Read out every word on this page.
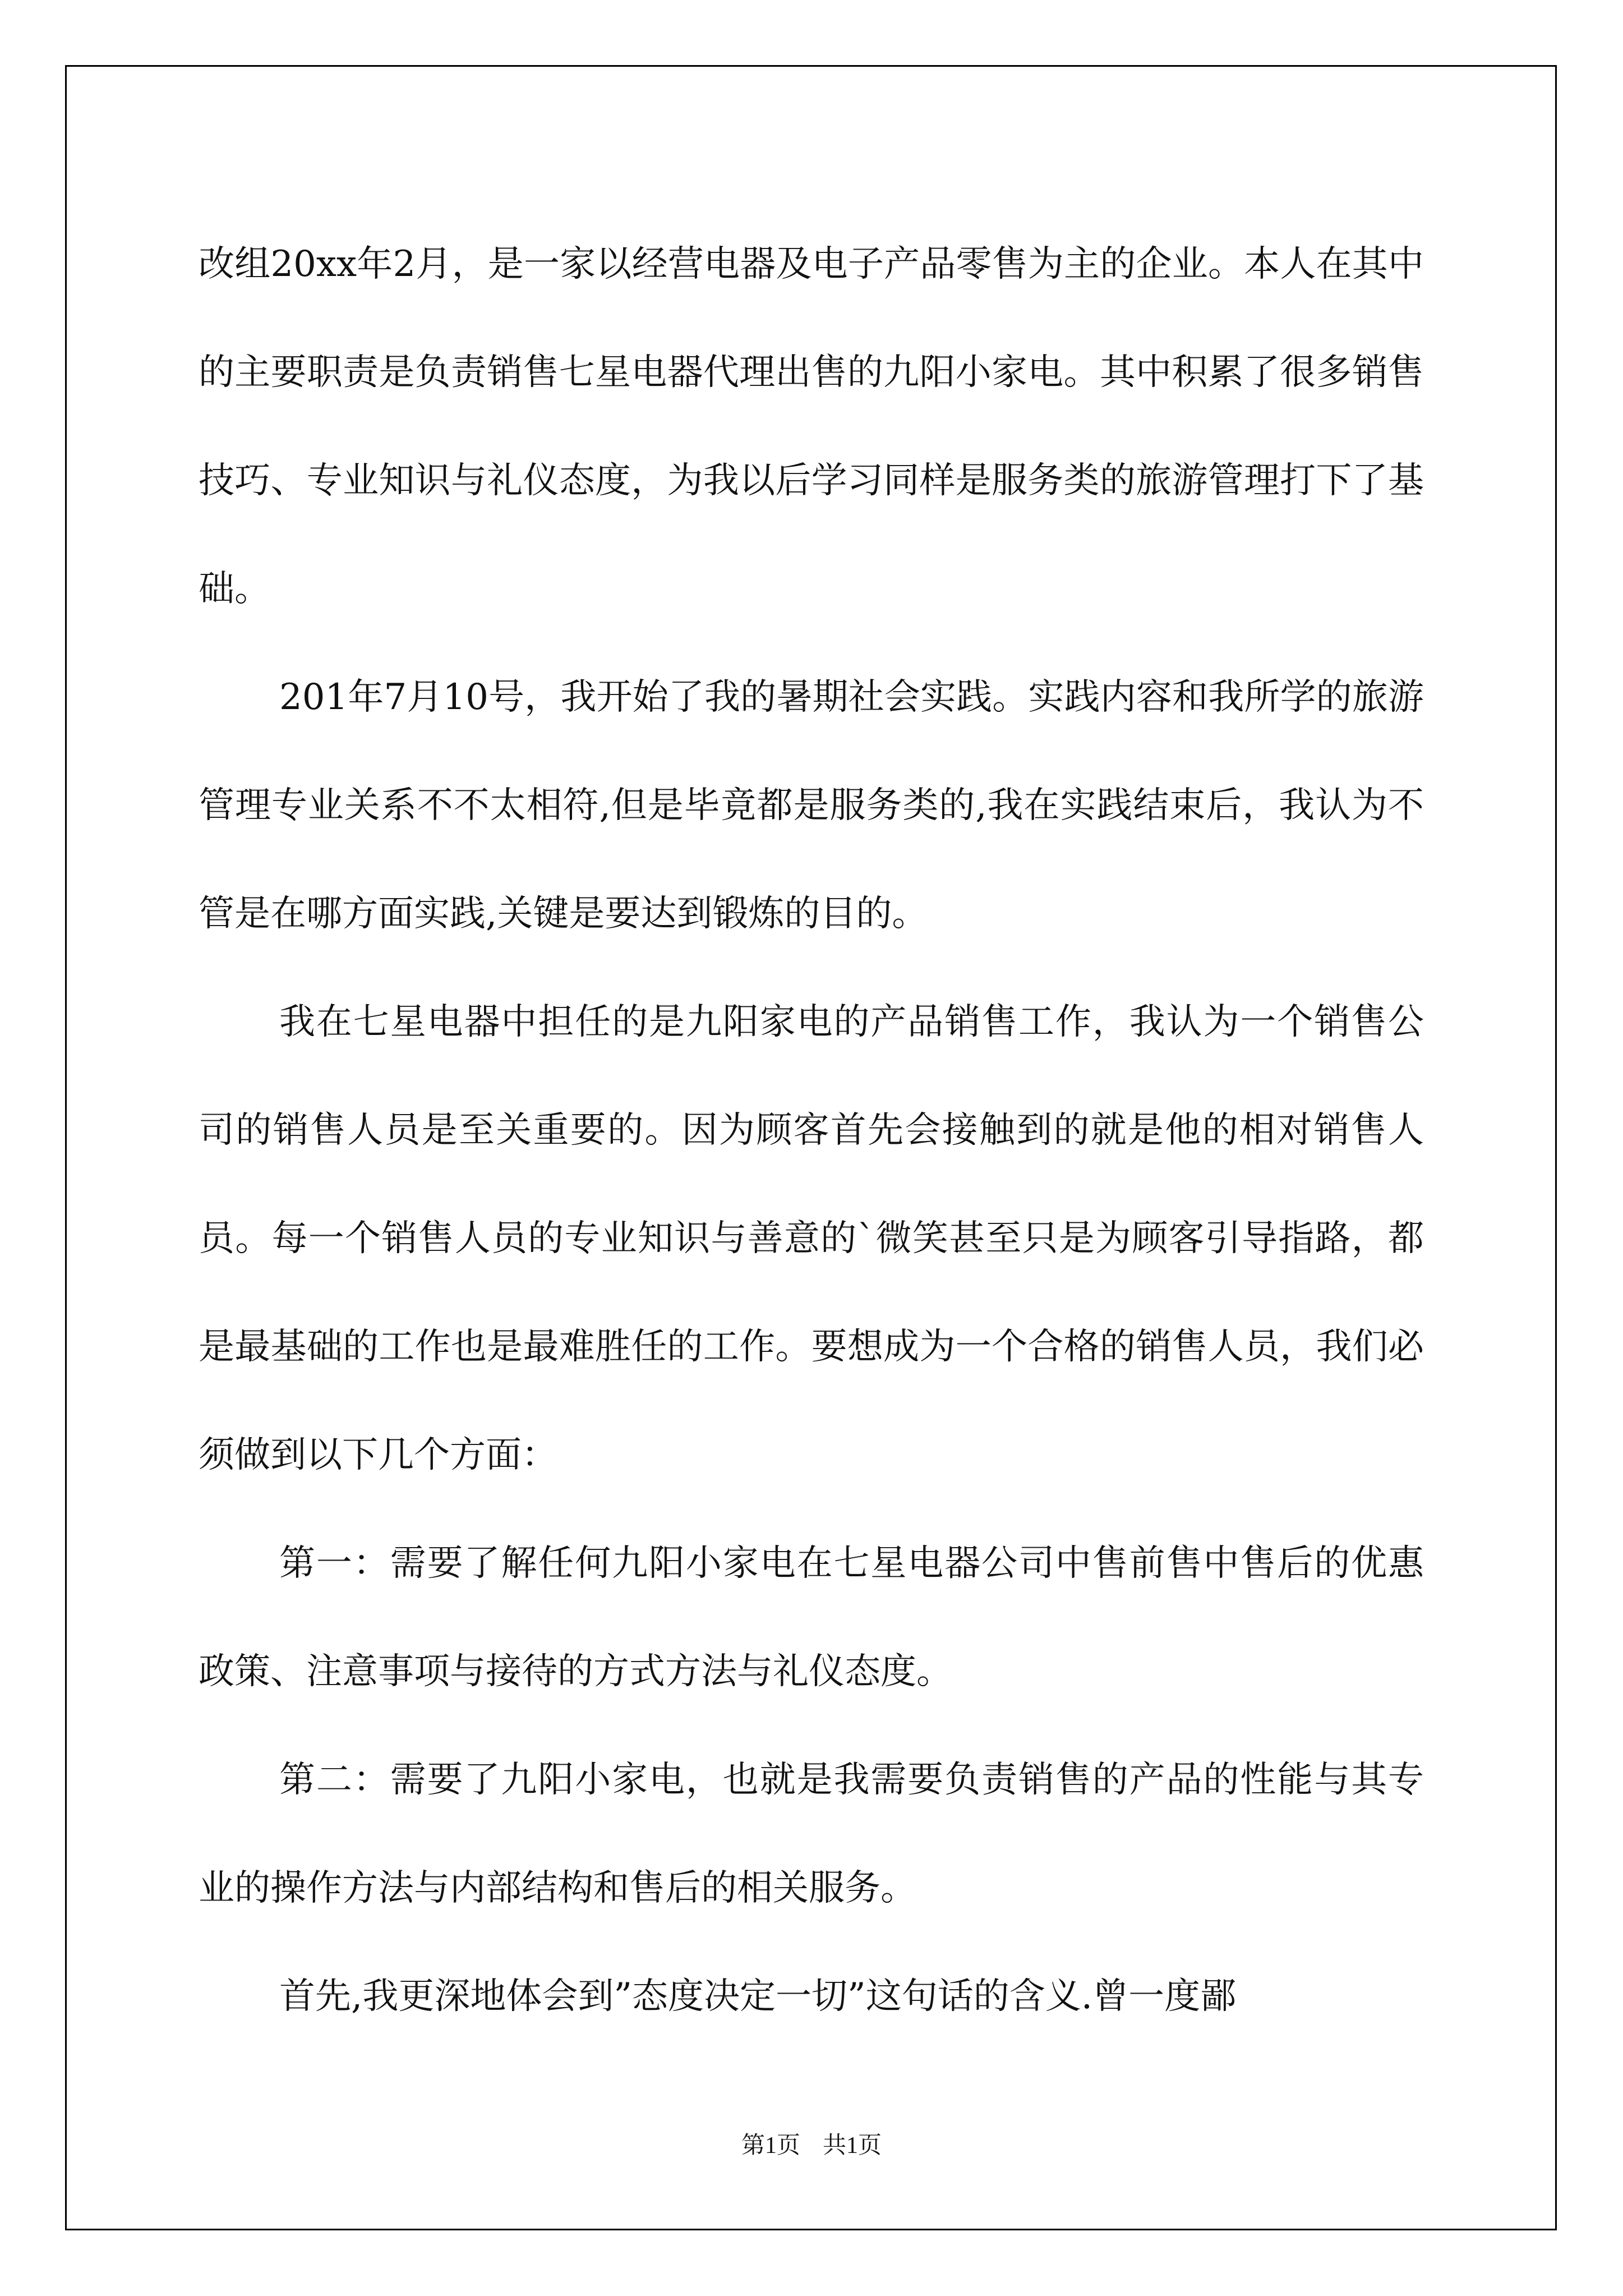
改组20xx年2月，是一家以经营电器及电子产品零售为主的企业。本人在其中的主要职责是负责销售七星电器代理出售的九阳小家电。其中积累了很多销售技巧、专业知识与礼仪态度，为我以后学习同样是服务类的旅游管理打下了基础。

201年7月10号，我开始了我的暑期社会实践。实践内容和我所学的旅游管理专业关系不不太相符,但是毕竟都是服务类的,我在实践结束后，我认为不管是在哪方面实践,关键是要达到锻炼的目的。

我在七星电器中担任的是九阳家电的产品销售工作，我认为一个销售公司的销售人员是至关重要的。因为顾客首先会接触到的就是他的相对销售人员。每一个销售人员的专业知识与善意的`微笑甚至只是为顾客引导指路，都是最基础的工作也是最难胜任的工作。要想成为一个合格的销售人员，我们必须做到以下几个方面：

第一：需要了解任何九阳小家电在七星电器公司中售前售中售后的优惠政策、注意事项与接待的方式方法与礼仪态度。

第二：需要了九阳小家电，也就是我需要负责销售的产品的性能与其专业的操作方法与内部结构和售后的相关服务。

首先,我更深地体会到”态度决定一切”这句话的含义.曾一度鄙

第1页 共1页
